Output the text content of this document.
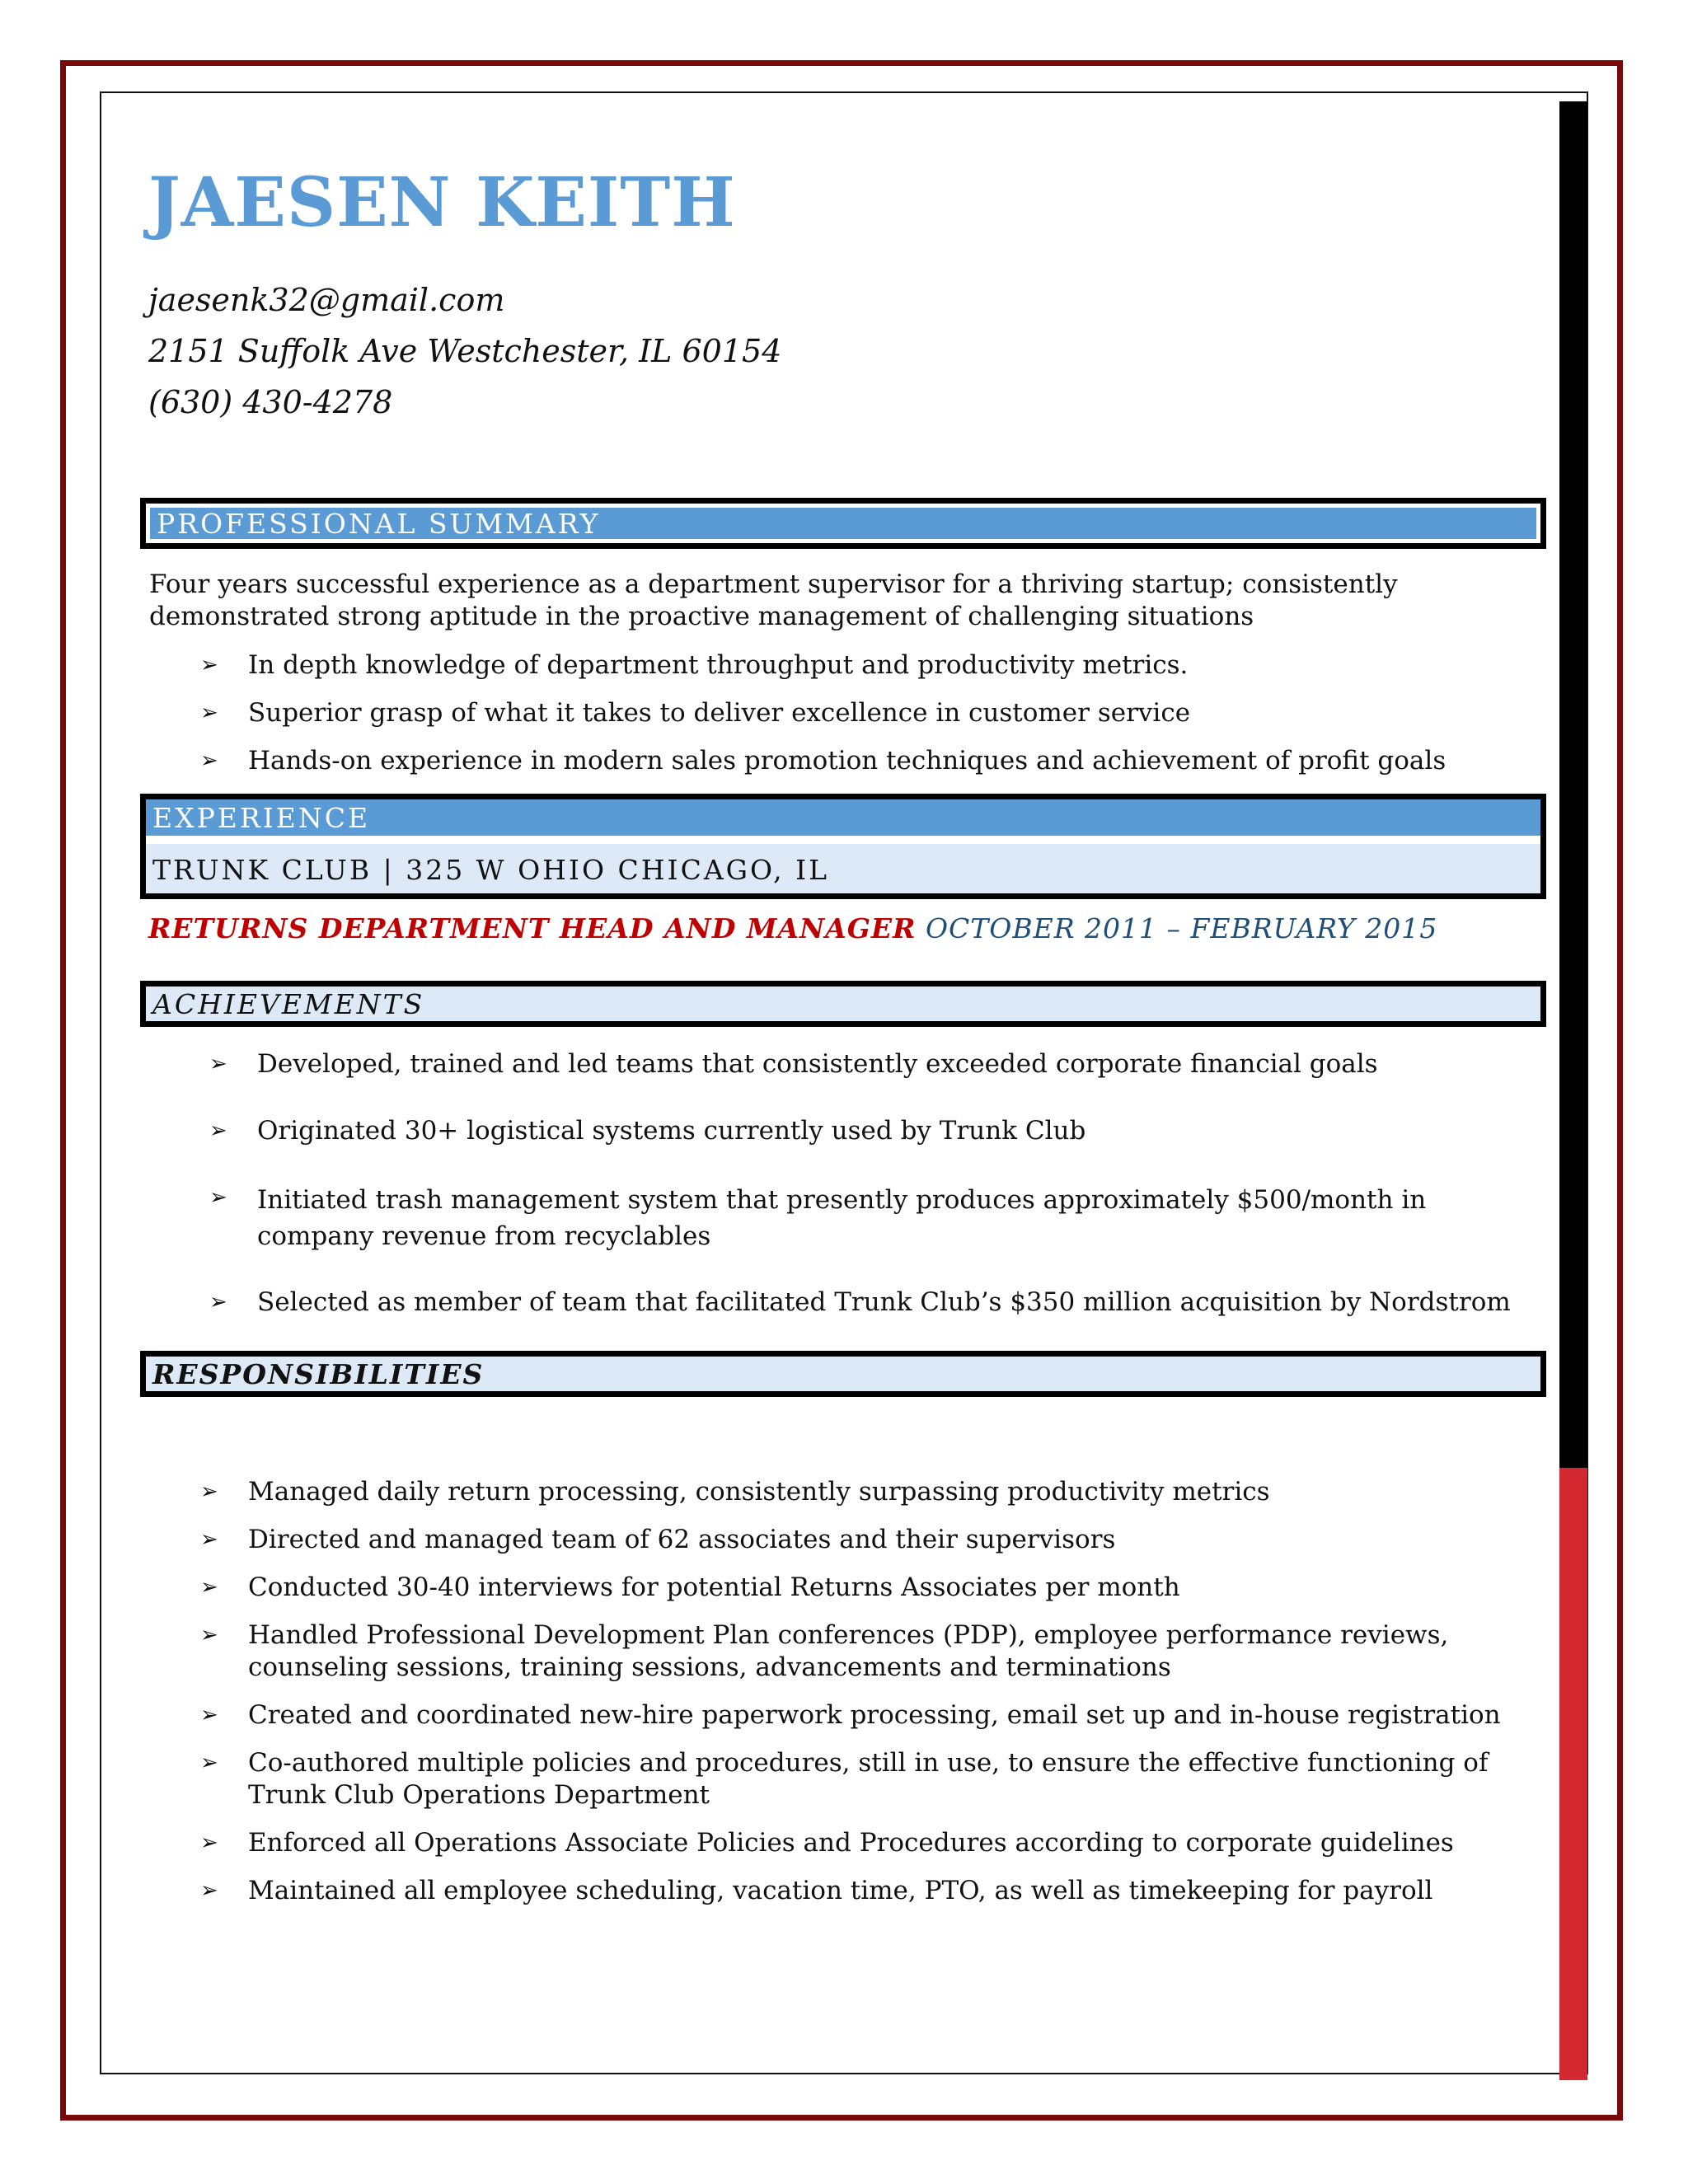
JAESEN KEITH
jaesenk32@gmail.com
2151 Suffolk Ave Westchester, IL 60154
(630) 430-4278
PROFESSIONAL SUMMARY

Four years successful experience as a department supervisor for a thriving startup; consistently demonstrated strong aptitude in the proactive management of challenging situations

➢ In depth knowledge of department throughput and productivity metrics.
➢ Superior grasp of what it takes to deliver excellence in customer service
➢ Hands-on experience in modern sales promotion techniques and achievement of profit goals
EXPERIENCE
TRUNK CLUB | 325 W OHIO CHICAGO, IL
RETURNS DEPARTMENT HEAD AND MANAGER OCTOBER 2011 – FEBRUARY 2015
ACHIEVEMENTS
➢ Developed, trained and led teams that consistently exceeded corporate financial goals
➢ Originated 30+ logistical systems currently used by Trunk Club
➢ Initiated trash management system that presently produces approximately $500/month in company revenue from recyclables
➢ Selected as member of team that facilitated Trunk Club’s $350 million acquisition by Nordstrom
RESPONSIBILITIES
➢ Managed daily return processing, consistently surpassing productivity metrics
➢ Directed and managed team of 62 associates and their supervisors
➢ Conducted 30-40 interviews for potential Returns Associates per month
➢ Handled Professional Development Plan conferences (PDP), employee performance reviews, counseling sessions, training sessions, advancements and terminations
➢ Created and coordinated new-hire paperwork processing, email set up and in-house registration
➢ Co-authored multiple policies and procedures, still in use, to ensure the effective functioning of Trunk Club Operations Department
➢ Enforced all Operations Associate Policies and Procedures according to corporate guidelines
➢ Maintained all employee scheduling, vacation time, PTO, as well as timekeeping for payroll
